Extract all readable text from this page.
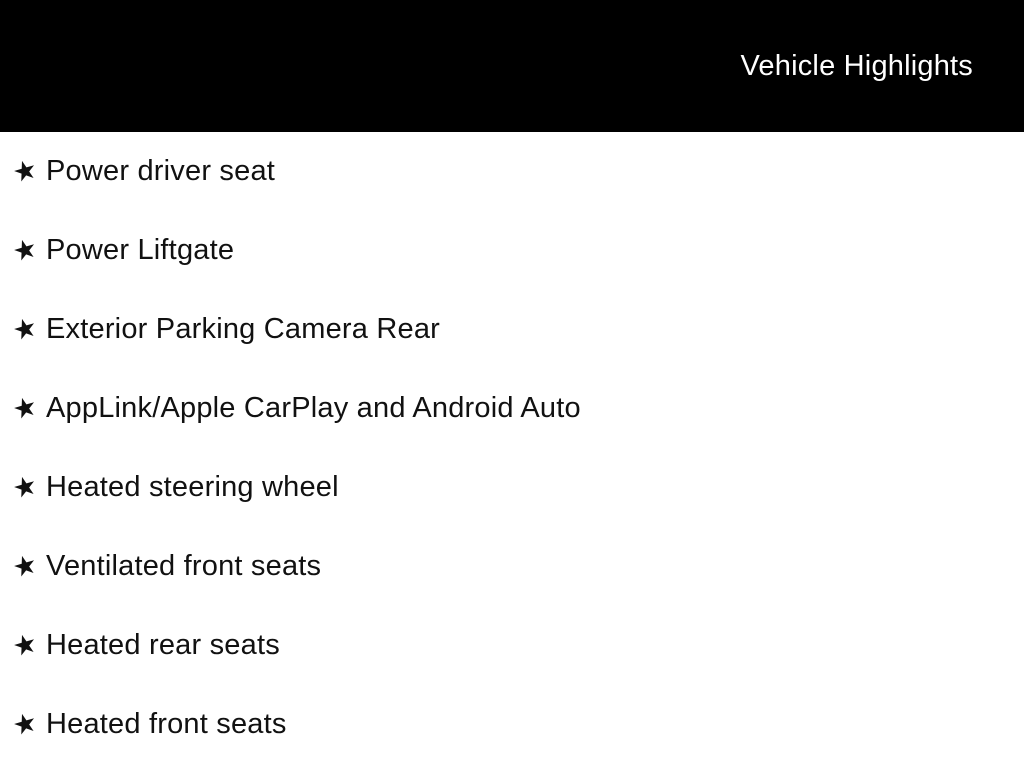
Vehicle Highlights
★ Power driver seat
★ Power Liftgate
★ Exterior Parking Camera Rear
★ AppLink/Apple CarPlay and Android Auto
★ Heated steering wheel
★ Ventilated front seats
★ Heated rear seats
★ Heated front seats
